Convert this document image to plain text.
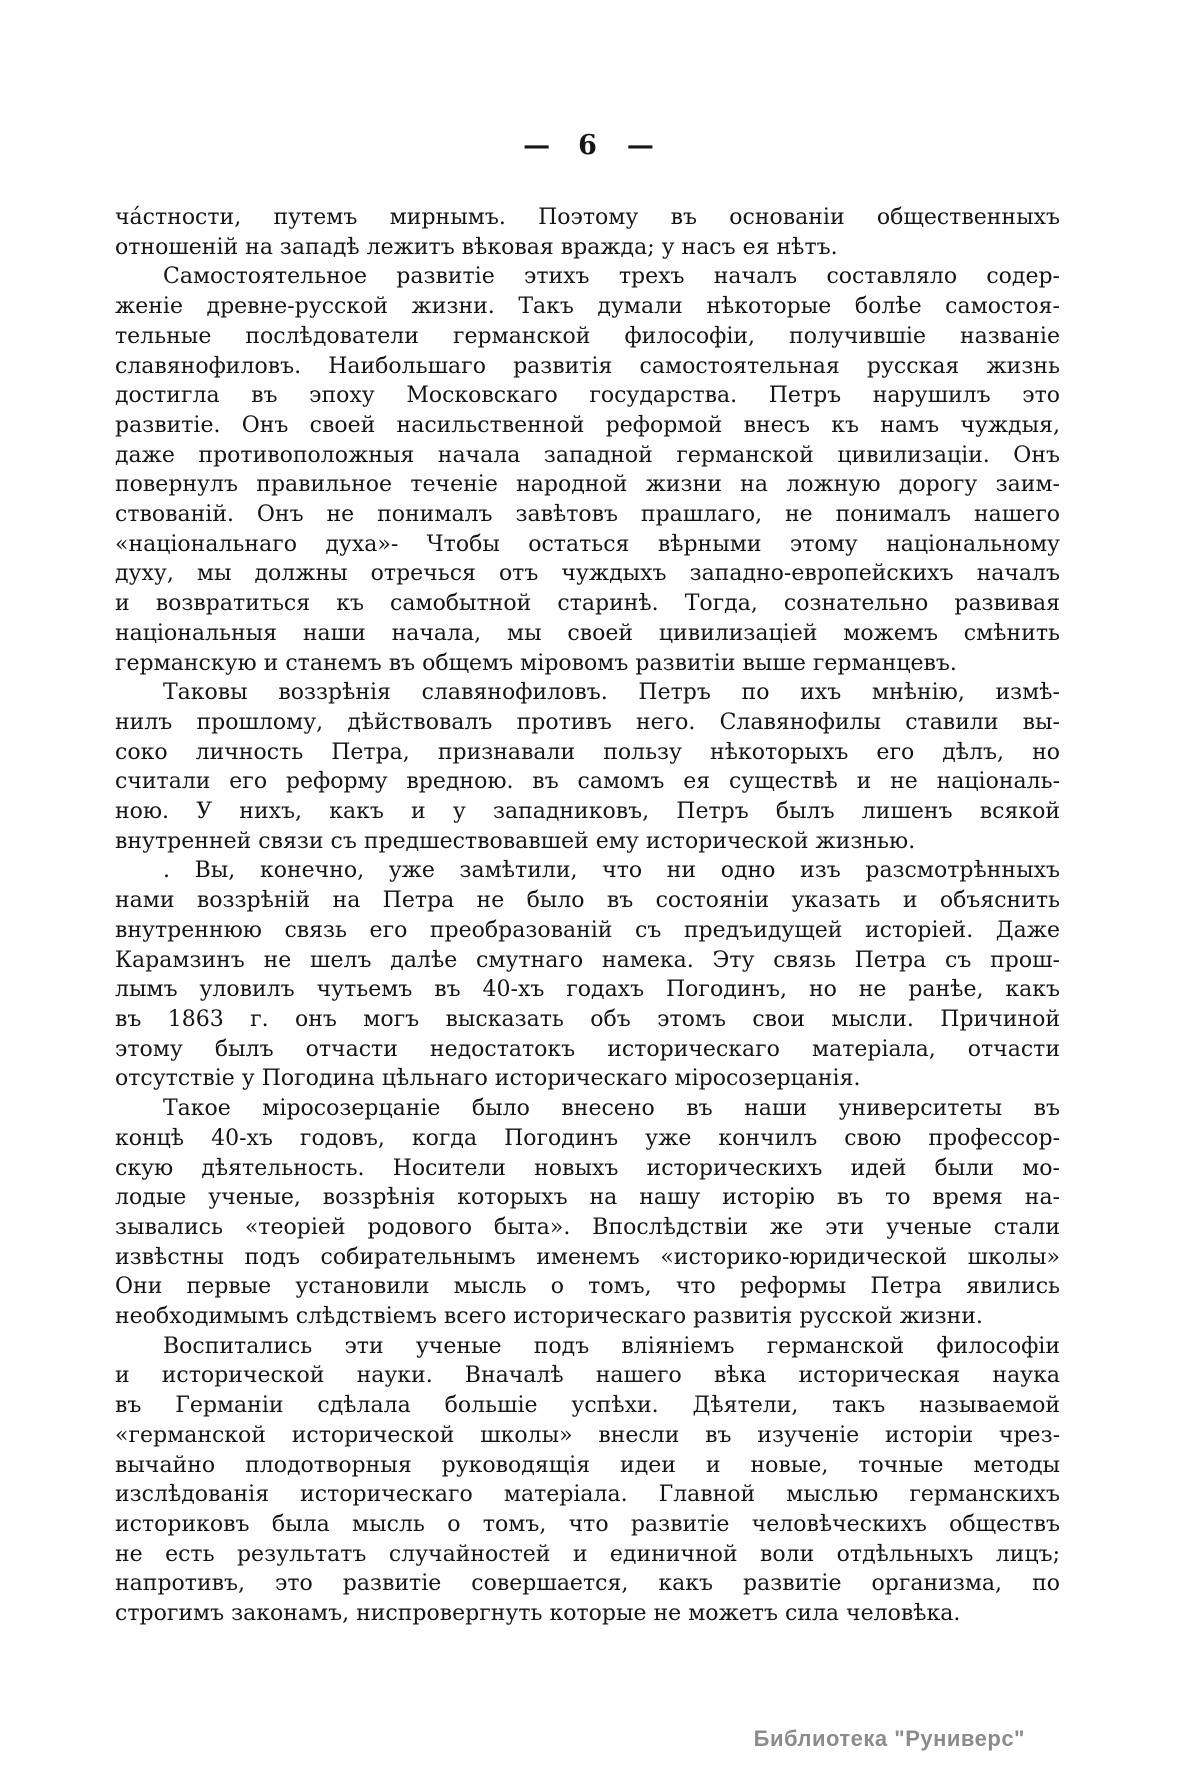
— 6 —
ча́стности, путемъ мирнымъ. Поэтому въ основаніи общественныхъ
отношеній на западѣ лежитъ вѣковая вражда; у насъ ея нѣтъ.
Самостоятельное развитіе этихъ трехъ началъ составляло содер-
женіе древне-русской жизни. Такъ думали нѣкоторые болѣе самостоя-
тельные послѣдователи германской философіи, получившіе названіе
славянофиловъ. Наибольшаго развитія самостоятельная русская жизнь
достигла въ эпоху Московскаго государства. Петръ нарушилъ это
развитіе. Онъ своей насильственной реформой внесъ къ намъ чуждыя,
даже противоположныя начала западной германской цивилизаціи. Онъ
повернулъ правильное теченіе народной жизни на ложную дорогу заим-
ствованій. Онъ не понималъ завѣтовъ прашлаго, не понималъ нашего
«національнаго духа»- Чтобы остаться вѣрными этому національному
духу, мы должны отречься отъ чуждыхъ западно-европейскихъ началъ
и возвратиться къ самобытной старинѣ. Тогда, сознательно развивая
національныя наши начала, мы своей цивилизаціей можемъ смѣнить
германскую и станемъ въ общемъ міровомъ развитіи выше германцевъ.
Таковы воззрѣнія славянофиловъ. Петръ по ихъ мнѣнію, измѣ-
нилъ прошлому, дѣйствовалъ противъ него. Славянофилы ставили вы-
соко личность Петра, признавали пользу нѣкоторыхъ его дѣлъ, но
считали его реформу вредною. въ самомъ ея существѣ и не національ-
ною. У нихъ, какъ и у западниковъ, Петръ былъ лишенъ всякой
внутренней связи съ предшествовавшей ему исторической жизнью.
. Вы, конечно, уже замѣтили, что ни одно изъ разсмотрѣнныхъ
нами воззрѣній на Петра не было въ состояніи указать и объяснить
внутреннюю связь его преобразованій съ предъидущей исторіей. Даже
Карамзинъ не шелъ далѣе смутнаго намека. Эту связь Петра съ прош-
лымъ уловилъ чутьемъ въ 40-хъ годахъ Погодинъ, но не ранѣе, какъ
въ 1863 г. онъ могъ высказать объ этомъ свои мысли. Причиной
этому былъ отчасти недостатокъ историческаго матеріала, отчасти
отсутствіе у Погодина цѣльнаго историческаго міросозерцанія.
Такое міросозерцаніе было внесено въ наши университеты въ
концѣ 40-хъ годовъ, когда Погодинъ уже кончилъ свою профессор-
скую дѣятельность. Носители новыхъ историческихъ идей были мо-
лодые ученые, воззрѣнія которыхъ на нашу исторію въ то время на-
зывались «теоріей родового быта». Впослѣдствіи же эти ученые стали
извѣстны подъ собирательнымъ именемъ «историко-юридической школы»
Они первые установили мысль о томъ, что реформы Петра явились
необходимымъ слѣдствіемъ всего историческаго развитія русской жизни.
Воспитались эти ученые подъ вліяніемъ германской философіи
и исторической науки. Вначалѣ нашего вѣка историческая наука
въ Германіи сдѣлала большіе успѣхи. Дѣятели, такъ называемой
«германской исторической школы» внесли въ изученіе исторіи чрез-
вычайно плодотворныя руководящія идеи и новые, точные методы
изслѣдованія историческаго матеріала. Главной мыслью германскихъ
историковъ была мысль о томъ, что развитіе человѣческихъ обществъ
не есть результатъ случайностей и единичной воли отдѣльныхъ лицъ;
напротивъ, это развитіе совершается, какъ развитіе организма, по
строгимъ законамъ, ниспровергнуть которые не можетъ сила человѣка.
Библиотека "Руниверс"
